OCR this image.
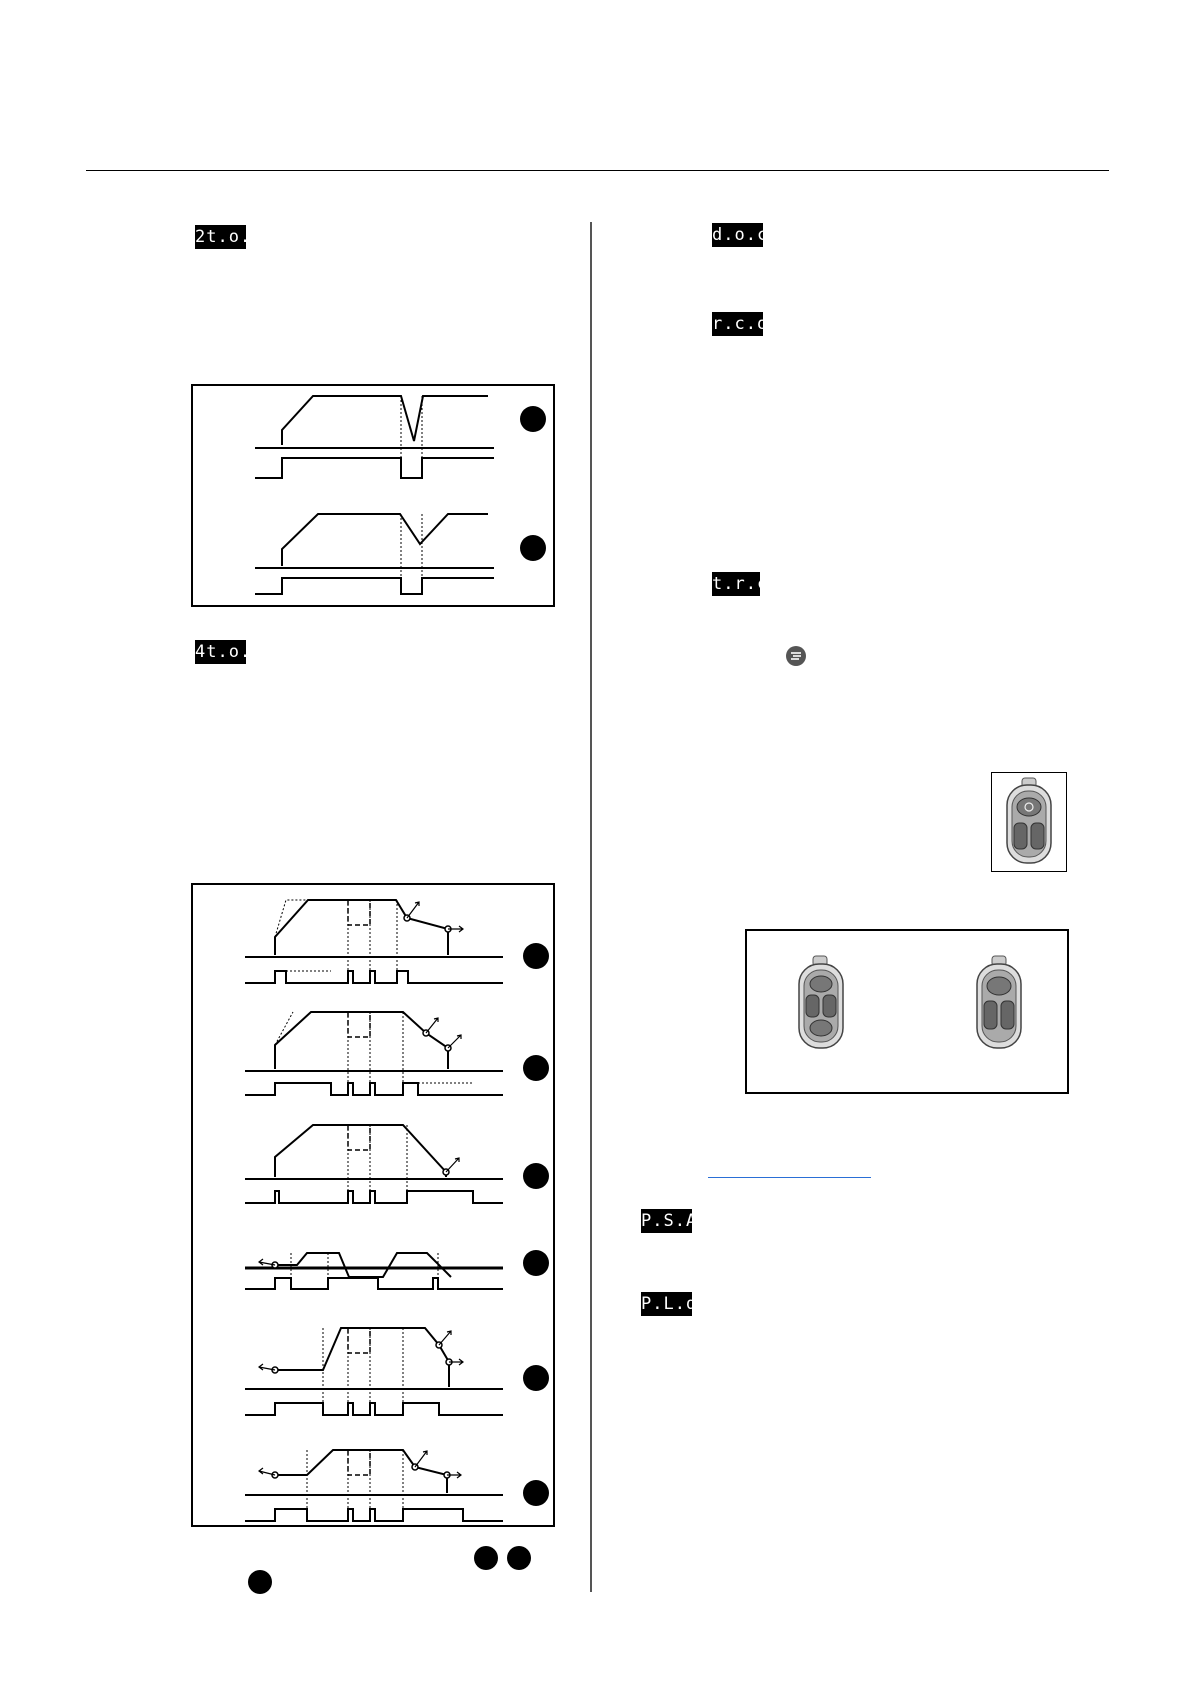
2t.o.
4t.o.
d.o.c.
r.c.o.
t.r.c
P.S.A.
P.L.d.
